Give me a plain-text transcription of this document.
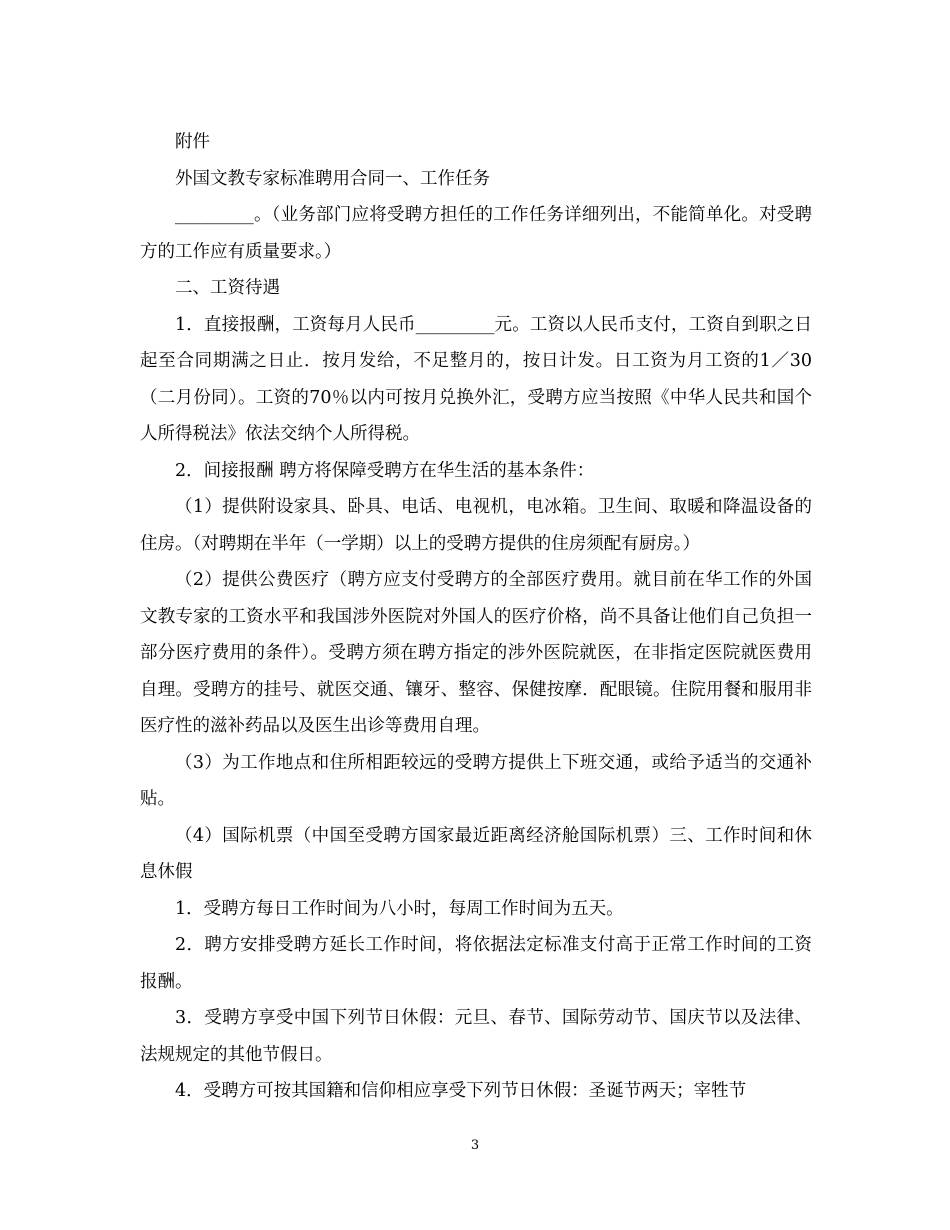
附件

外国文教专家标准聘用合同一、工作任务

_________。（业务部门应将受聘方担任的工作任务详细列出，不能简单化。对受聘方的工作应有质量要求。）

二、工资待遇

1．直接报酬，工资每月人民币_________元。工资以人民币支付，工资自到职之日起至合同期满之日止．按月发给，不足整月的，按日计发。日工资为月工资的1／30（二月份同）。工资的70％以内可按月兑换外汇，受聘方应当按照《中华人民共和国个人所得税法》依法交纳个人所得税。

2．间接报酬 聘方将保障受聘方在华生活的基本条件：

（1）提供附设家具、卧具、电话、电视机，电冰箱。卫生间、取暖和降温设备的住房。（对聘期在半年（一学期）以上的受聘方提供的住房须配有厨房。）

（2）提供公费医疗（聘方应支付受聘方的全部医疗费用。就目前在华工作的外国文教专家的工资水平和我国涉外医院对外国人的医疗价格，尚不具备让他们自己负担一部分医疗费用的条件）。受聘方须在聘方指定的涉外医院就医，在非指定医院就医费用自理。受聘方的挂号、就医交通、镶牙、整容、保健按摩．配眼镜。住院用餐和服用非医疗性的滋补药品以及医生出诊等费用自理。

（3）为工作地点和住所相距较远的受聘方提供上下班交通，或给予适当的交通补贴。

（4）国际机票（中国至受聘方国家最近距离经济舱国际机票）三、工作时间和休息休假

1．受聘方每日工作时间为八小时，每周工作时间为五天。

2．聘方安排受聘方延长工作时间，将依据法定标准支付高于正常工作时间的工资报酬。

3．受聘方享受中国下列节日休假：元旦、春节、国际劳动节、国庆节以及法律、法规规定的其他节假日。

4．受聘方可按其国籍和信仰相应享受下列节日休假：圣诞节两天；宰牲节

3
